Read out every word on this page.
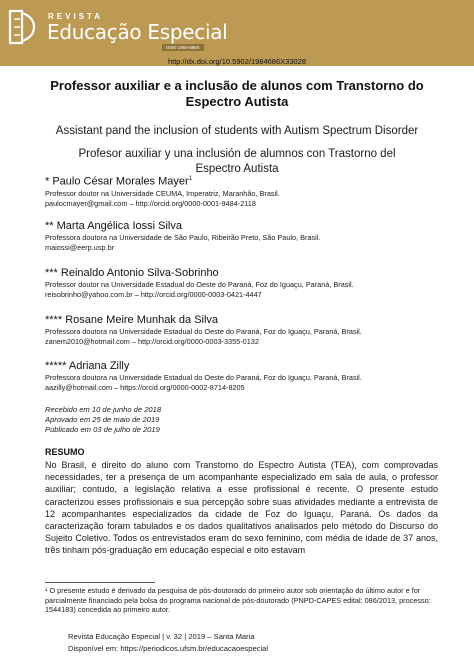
REVISTA
Educação Especial
ISSN 1984-686X
http://dx.doi.org/10.5902/1984686X33028
Professor auxiliar e a inclusão de alunos com Transtorno do Espectro Autista
Assistant pand the inclusion of students with Autism Spectrum Disorder
Profesor auxiliar y una inclusión de alumnos con Trastorno del Espectro Autista
* Paulo César Morales Mayer$^1$
Professor doutor na Universidade CEUMA, Imperatriz, Maranhão, Brasil.
paulocmayer@gmail.com – http://orcid.org/0000-0001-9484-2118
** Marta Angélica Iossi Silva
Professora doutora na Universidade de São Paulo, Ribeirão Preto, São Paulo, Brasil.
maiossi@eerp.usp.br
*** Reinaldo Antonio Silva-Sobrinho
Professor doutor na Universidade Estadual do Oeste do Paraná, Foz do Iguaçu, Paraná, Brasil.
reisobrinho@yahoo.com.br – http://orcid.org/0000-0003-0421-4447
**** Rosane Meire Munhak da Silva
Professora doutora na Universidade Estadual do Oeste do Paraná, Foz do Iguaçu, Paraná, Brasil.
zanem2010@hotmail.com – http://orcid.org/0000-0003-3355-0132
***** Adriana Zilly
Professora doutora na Universidade Estadual do Oeste do Paraná, Foz do Iguaçu, Paraná, Brasil.
aazilly@hotmail.com – https://orcid.org/0000-0002-8714-8205
Recebido em 10 de junho de 2018
Aprovado em 25 de maio de 2019
Publicado em 03 de julho de 2019
RESUMO

No Brasil, é direito do aluno com Transtorno do Espectro Autista (TEA), com comprovadas necessidades, ter a presença de um acompanhante especializado em sala de aula, o professor auxiliar; contudo, a legislação relativa a esse profissional é recente. O presente estudo caracterizou esses profissionais e sua percepção sobre suas atividades mediante a entrevista de 12 acompanhantes especializados da cidade de Foz do Iguaçu, Paraná. Os dados da caracterização foram tabulados e os dados qualitativos analisados pelo método do Discurso do Sujeito Coletivo. Todos os entrevistados eram do sexo feminino, com média de idade de 37 anos, três tinham pós-graduação em educação especial e oito estavam

¹ O presente estudo é derivado da pesquisa de pós-doutorado do primeiro autor sob orientação do último autor e for parcialmente financiado pela bolsa do programa nacional de pós-doutorado (PNPD-CAPES edital: 086/2013, processo: 1544183) concedida ao primeiro autor.
Revista Educação Especial | v. 32 | 2019 – Santa Maria
Disponível em: https://periodicos.ufsm.br/educacaoespecial
